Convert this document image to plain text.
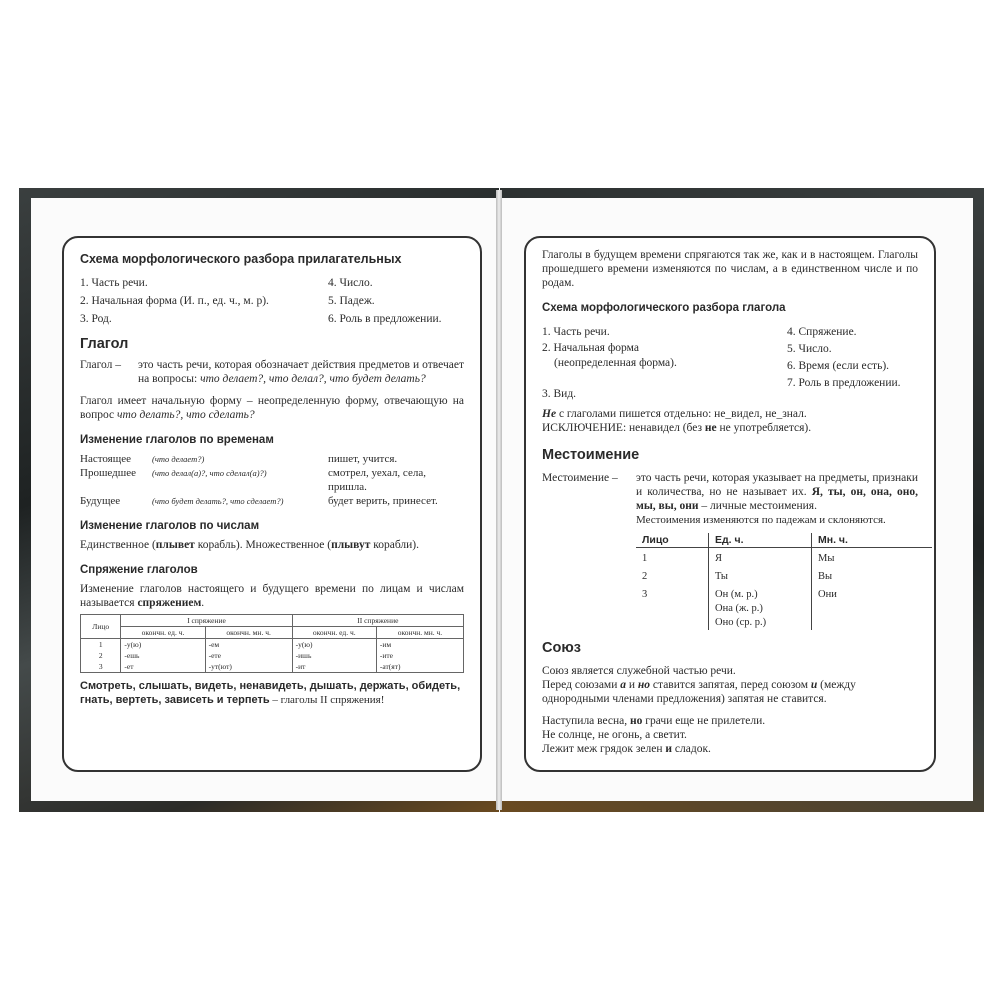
Схема морфологического разбора прилагательных

1. Часть речи.

2. Начальная форма (И. п., ед. ч., м. р).

3. Род.

4. Число.

5. Падеж.

6. Роль в предложении.

Глагол

Глагол –	это часть речи, которая обозначает действия предметов и отвечает на вопросы: что делает?, что делал?, что будет делать?

Глагол имеет начальную форму – неопределенную форму, отвечающую на вопрос что делать?, что сделать?

Изменение глаголов по временам

Настоящее	(что делает?)	пишет, учится.
Прошедшее	(что делал(а)?, что сделал(а)?)	смотрел, уехал, села, пришла.
Будущее	(что будет делать?, что сделает?)	будет верить, принесет.

Изменение глаголов по числам

Единственное (плывет корабль). Множественное (плывут корабли).

Спряжение глаголов

Изменение глаголов настоящего и будущего времени по лицам и числам называется спряжением.

Лицо	I спряжение		II спряжение	
	окончн. ед. ч.	окончн. мн. ч.	окончн. ед. ч.	окончн. мн. ч.
1	-у(ю)	-ем	-у(ю)	-им
2	-ешь	-ете	-ишь	-ите
3	-ет	-ут(ют)	-ит	-ат(ят)

Смотреть, слышать, видеть, ненавидеть, дышать, держать, обидеть, гнать, вертеть, зависеть и терпеть – глаголы II спряжения!

Глаголы в будущем времени спрягаются так же, как и в настоящем. Глаголы прошедшего времени изменяются по числам, а в единственном числе и по родам.

Схема морфологического разбора глагола

1. Часть речи.

2. Начальная форма

(неопределенная форма).

3. Вид.

4. Спряжение.

5. Число.

6. Время (если есть).

7. Роль в предложении.

Не с глаголами пишется отдельно: не_видел, не_знал.

ИСКЛЮЧЕНИЕ: ненавидел (без не не употребляется).

Местоимение

Местоимение –	это часть речи, которая указывает на предметы, признаки и количества, но не называет их. Я, ты, он, она, оно, мы, вы, они – личные местоимения.

Местоимения изменяются по падежам и склоняются.

Лицо	Ед. ч.	Мн. ч.
1	Я	Мы
2	Ты	Вы
3	Он (м. р.)	Они
	Она (ж. р.)	
	Оно (ср. р.)	

Союз

Союз является служебной частью речи.

Перед союзами а и но ставится запятая, перед союзом и (между однородными членами предложения) запятая не ставится.

Наступила весна, но грачи еще не прилетели.

Не солнце, не огонь, а светит.

Лежит меж грядок зелен и сладок.
